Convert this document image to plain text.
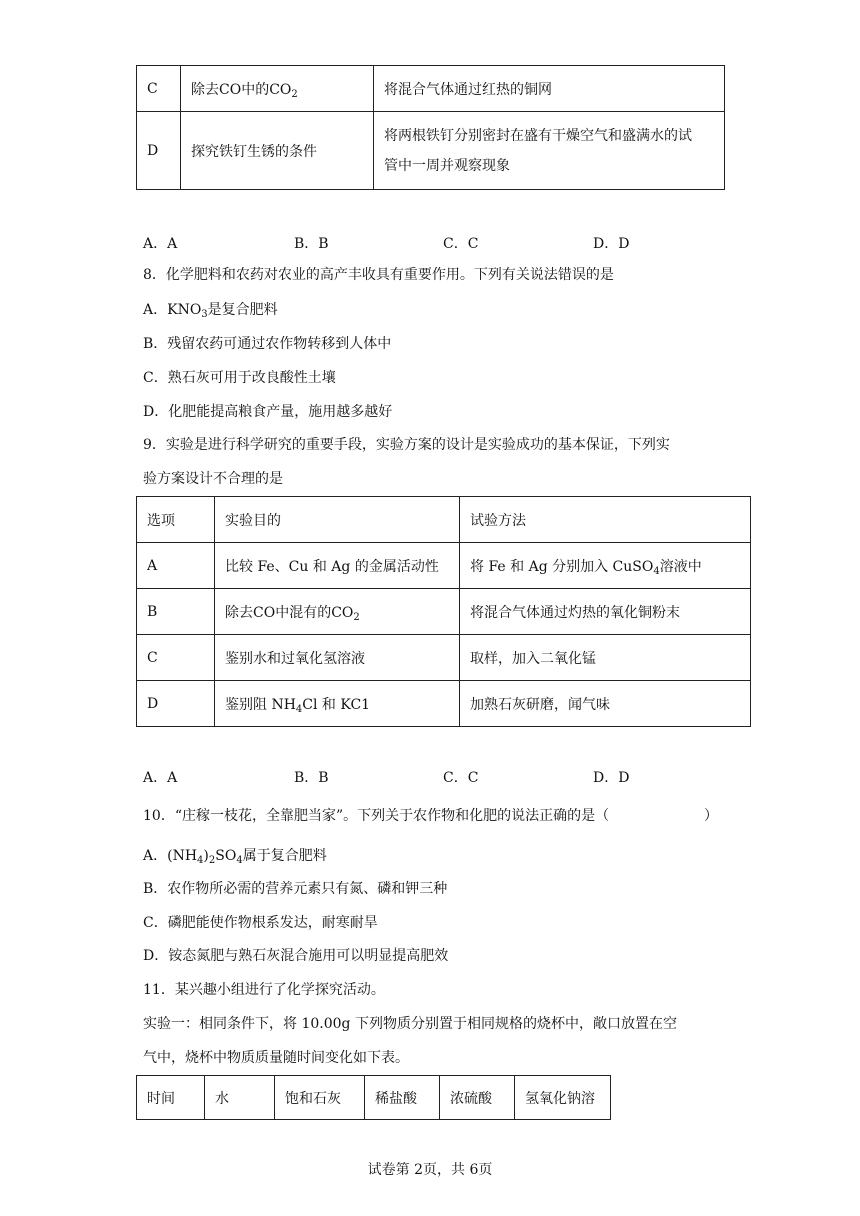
C	除去CO中的$CO_2$	将混合气体通过红热的铜网
D	探究铁钉生锈的条件	将两根铁钉分别密封在盛有干燥空气和盛满水的试
管中一周并观察现象
A．A	B．B	C．C	D．D
8．化学肥料和农药对农业的高产丰收具有重要作用。下列有关说法错误的是
A．$KNO_3$是复合肥料
B．残留农药可通过农作物转移到人体中
C．熟石灰可用于改良酸性土壤
D．化肥能提高粮食产量，施用越多越好
9．实验是进行科学研究的重要手段，实验方案的设计是实验成功的基本保证，下列实
验方案设计不合理的是
选项	实验目的	试验方法
A	比较 Fe、Cu 和 Ag 的金属活动性	将 Fe 和 Ag 分别加入 CuSO$_4$溶液中
B	除去CO中混有的$CO_2$	将混合气体通过灼热的氧化铜粉末
C	鉴别水和过氧化氢溶液	取样，加入二氧化锰
D	鉴别阻 $NH_4Cl$ 和 KC1	加熟石灰研磨，闻气味
A．A	B．B	C．C	D．D
10．“庄稼一枝花，全靠肥当家”。下列关于农作物和化肥的说法正确的是（	）
A．$(NH_4)_2SO_4$属于复合肥料
B．农作物所必需的营养元素只有氮、磷和钾三种
C．磷肥能使作物根系发达，耐寒耐旱
D．铵态氮肥与熟石灰混合施用可以明显提高肥效
11．某兴趣小组进行了化学探究活动。
实验一：相同条件下，将 10.00g 下列物质分别置于相同规格的烧杯中，敞口放置在空
气中，烧杯中物质质量随时间变化如下表。
时间	水	饱和石灰	稀盐酸	浓硫酸	氢氧化钠溶
试卷第 2页，共 6页
